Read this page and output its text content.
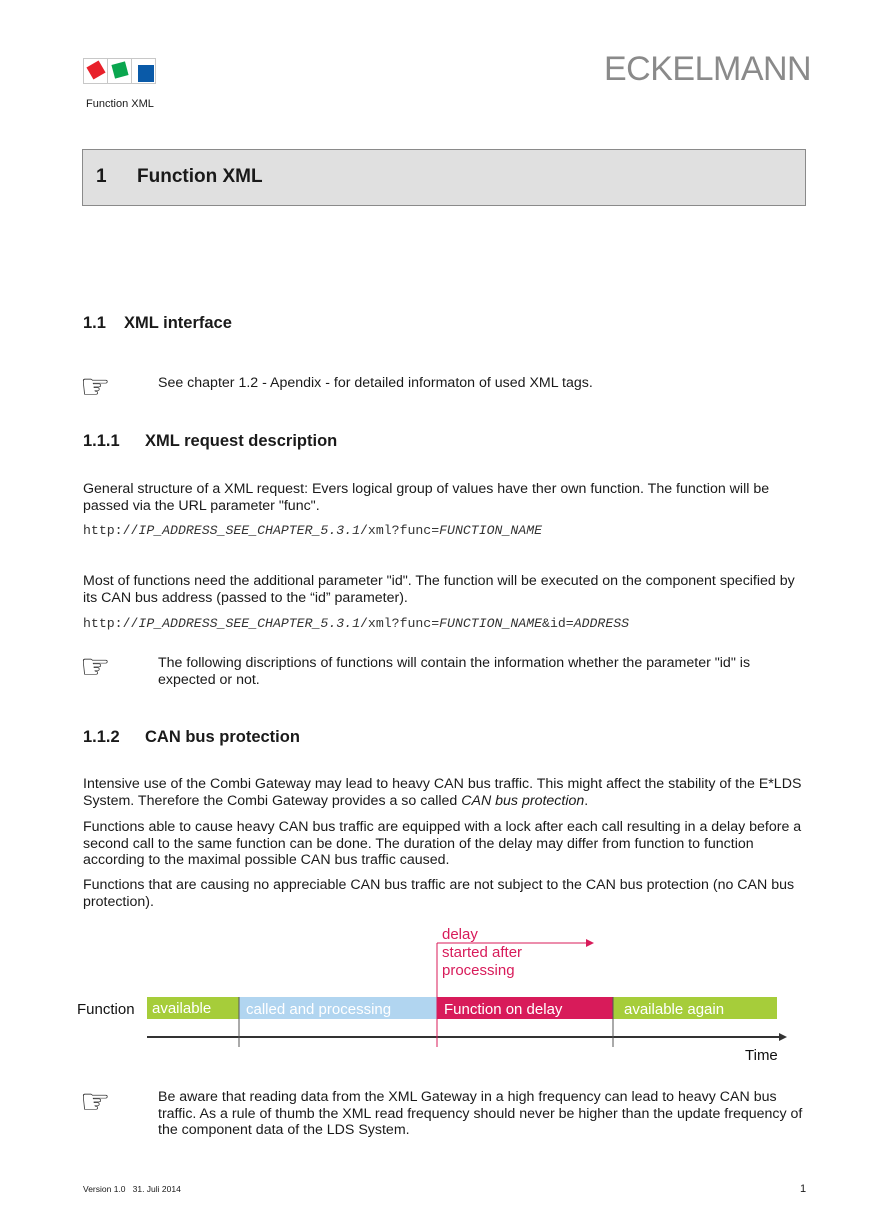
Function XML
ECKELMANN
1 Function XML
1.1 XML interface
☞	See chapter 1.2 - Apendix - for detailed informaton of used XML tags.
1.1.1 XML request description
General structure of a XML request: Evers logical group of values have ther own function. The function will be passed via the URL parameter "func".
http://IP_ADDRESS_SEE_CHAPTER_5.3.1/xml?func=FUNCTION_NAME
Most of functions need the additional parameter "id". The function will be executed on the component specified by its CAN bus address (passed to the “id” parameter).
http://IP_ADDRESS_SEE_CHAPTER_5.3.1/xml?func=FUNCTION_NAME&id=ADDRESS
☞	The following discriptions of functions will contain the information whether the parameter "id" is expected or not.
1.1.2 CAN bus protection
Intensive use of the Combi Gateway may lead to heavy CAN bus traffic. This might affect the stability of the E*LDS System. Therefore the Combi Gateway provides a so called CAN bus protection.
Functions able to cause heavy CAN bus traffic are equipped with a lock after each call resulting in a delay before a second call to the same function can be done. The duration of the delay may differ from function to function according to the maximal possible CAN bus traffic caused.
Functions that are causing no appreciable CAN bus traffic are not subject to the CAN bus protection (no CAN bus protection).
delay
started after
processing
available called and processing	Function on delay	available again
Function
Time
☞	Be aware that reading data from the XML Gateway in a high frequency can lead to heavy CAN bus traffic. As a rule of thumb the XML read frequency should never be higher than the update frequency of the component data of the LDS System.
Version 1.0   31. Juli 2014	1
